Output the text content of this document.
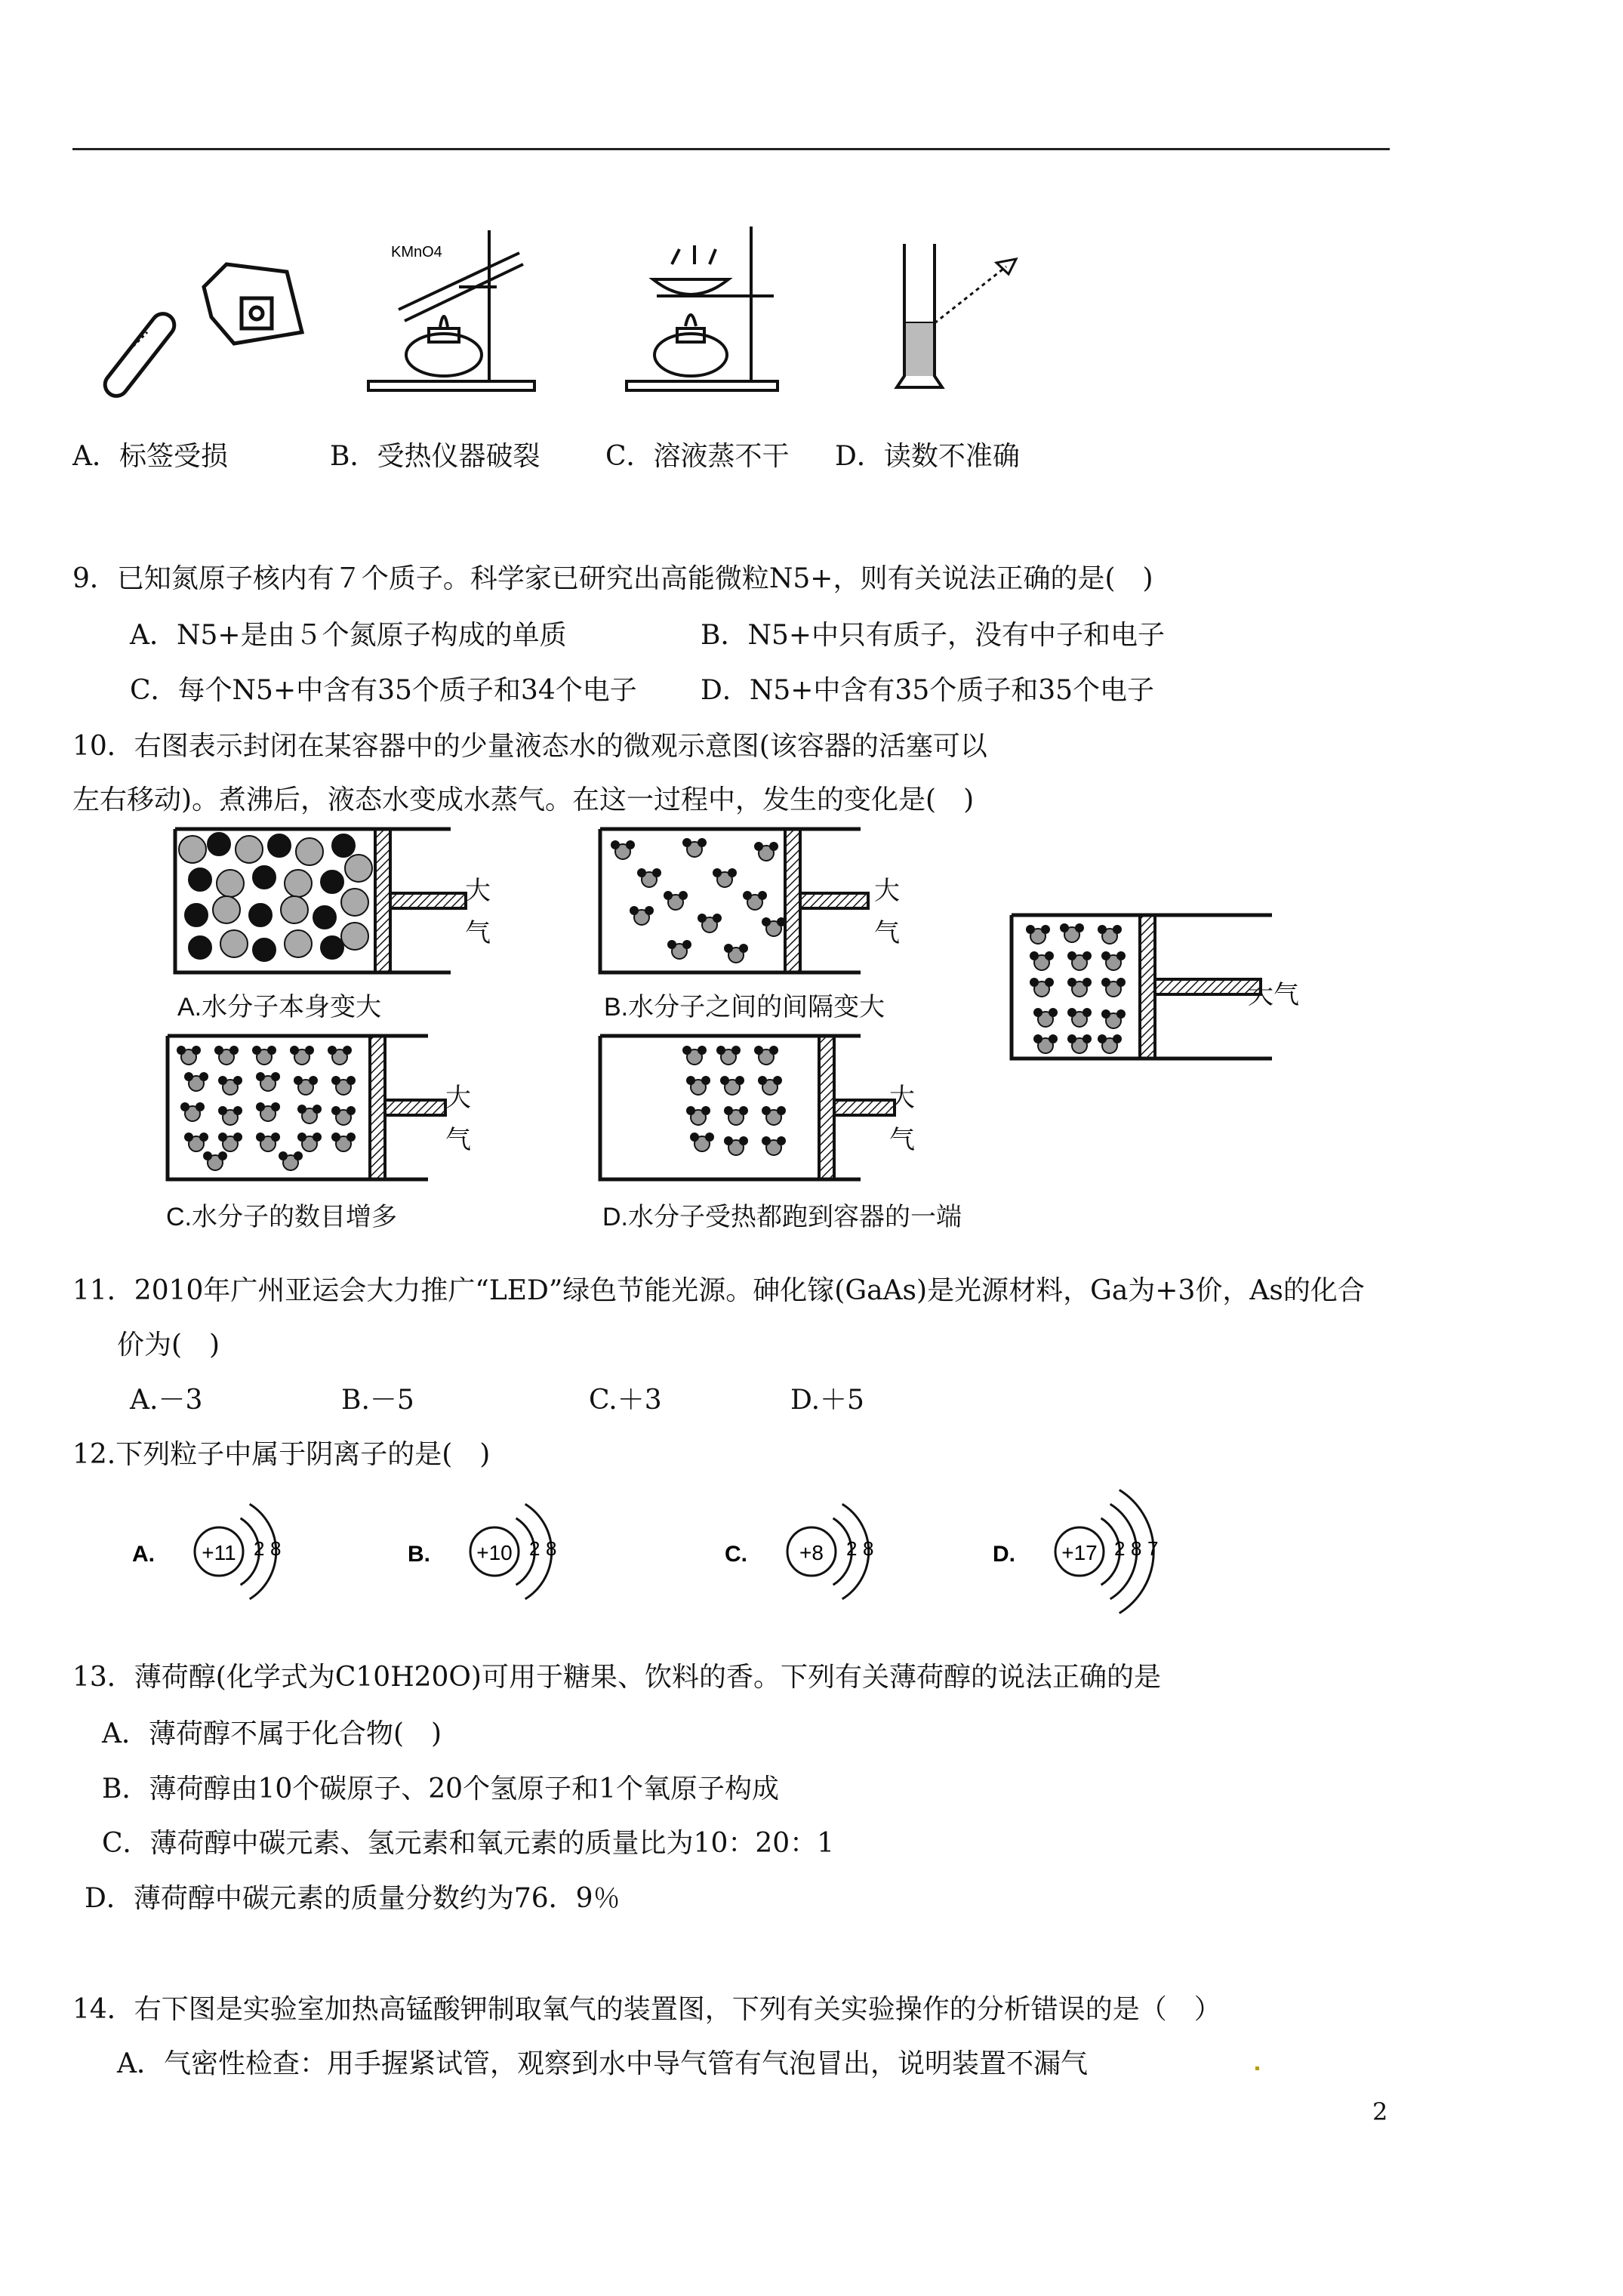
KMnO4
A．标签受损	B．受热仪器破裂 C．溶液蒸不干 D．读数不准确
9．已知氮原子核内有７个质子。科学家已研究出高能微粒N5+，则有关说法正确的是(　)
A．N5+是由５个氮原子构成的单质	B．N5+中只有质子，没有中子和电子
C．每个N5+中含有35个质子和34个电子 D．N5+中含有35个质子和35个电子
10．右图表示封闭在某容器中的少量液态水的微观示意图(该容器的活塞可以
左右移动)。煮沸后，液态水变成水蒸气。在这一过程中，发生的变化是(　)
大气
大气
大气
大气
大气
A.水分子本身变大	B.水分子之间的间隔变大
C.水分子的数目增多	D.水分子受热都跑到容器的一端
11．2010年广州亚运会大力推广“LED”绿色节能光源。砷化镓(GaAs)是光源材料，Ga为+3价，As的化合
价为(　)
A.－3	B.－5	C.＋3	D.＋5
12.下列粒子中属于阴离子的是(　)
A. +11 2 8	B. +10 2 8	C. +8 2 8	D. +17 2 8 7
13．薄荷醇(化学式为C10H20O)可用于糖果、饮料的香。下列有关薄荷醇的说法正确的是
A．薄荷醇不属于化合物(　)
B．薄荷醇由10个碳原子、20个氢原子和1个氧原子构成
C．薄荷醇中碳元素、氢元素和氧元素的质量比为10：20：1
D．薄荷醇中碳元素的质量分数约为76．9％
14．右下图是实验室加热高锰酸钾制取氧气的装置图，下列有关实验操作的分析错误的是（　）
A．气密性检查：用手握紧试管，观察到水中导气管有气泡冒出，说明装置不漏气
2
